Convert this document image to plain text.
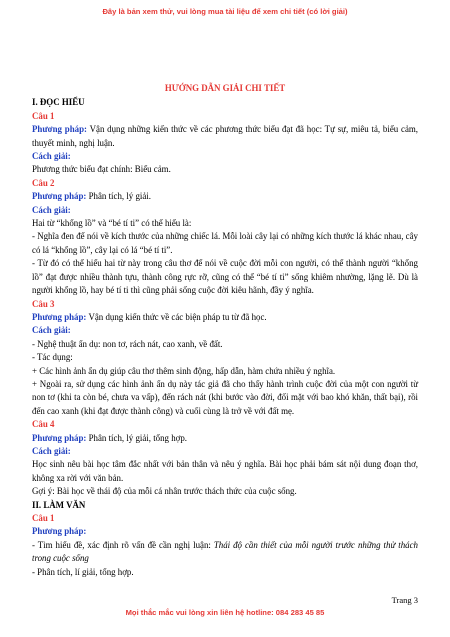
Đây là bản xem thử, vui lòng mua tài liệu để xem chi tiết (có lời giải)
HƯỚNG DẪN GIẢI CHI TIẾT
I. ĐỌC HIỂU
Câu 1

Phương pháp: Vận dụng những kiến thức về các phương thức biểu đạt đã học: Tự sự, miêu tả, biểu cảm, thuyết minh, nghị luận.

Cách giải:

Phương thức biểu đạt chính: Biểu cảm.

Câu 2

Phương pháp: Phân tích, lý giải.

Cách giải:

Hai từ “khổng lồ” và “bé tí ti” có thể hiểu là:

- Nghĩa đen để nói về kích thước của những chiếc lá. Mỗi loài cây lại có những kích thước lá khác nhau, cây có lá “khổng lồ”, cây lại có lá “bé tí ti”.

- Từ đó có thể hiểu hai từ này trong câu thơ để nói về cuộc đời mỗi con người, có thể thành người “khổng lồ” đạt được nhiều thành tựu, thành công rực rỡ, cũng có thể “bé tí ti” sống khiêm nhường, lặng lẽ. Dù là người khổng lồ, hay bé tí ti thì cũng phải sống cuộc đời kiêu hãnh, đầy ý nghĩa.

Câu 3

Phương pháp: Vận dụng kiến thức về các biện pháp tu từ đã học.

Cách giải:

- Nghệ thuật ẩn dụ: non tơ, rách nát, cao xanh, về đất.

- Tác dụng:

+ Các hình ảnh ẩn dụ giúp câu thơ thêm sinh động, hấp dẫn, hàm chứa nhiều ý nghĩa.

+ Ngoài ra, sử dụng các hình ảnh ẩn dụ này tác giả đã cho thấy hành trình cuộc đời của một con người từ non tơ (khi ta còn bé, chưa va vấp), đến rách nát (khi bước vào đời, đối mặt với bao khó khăn, thất bại), rồi đến cao xanh (khi đạt được thành công) và cuối cùng là trở về với đất mẹ.

Câu 4

Phương pháp: Phân tích, lý giải, tổng hợp.

Cách giải:

Học sinh nêu bài học tâm đắc nhất với bản thân và nêu ý nghĩa. Bài học phải bám sát nội dung đoạn thơ, không xa rời với văn bản.

Gợi ý: Bài học về thái độ của mỗi cá nhân trước thách thức của cuộc sống.

II. LÀM VĂN
Câu 1
Phương pháp:

- Tìm hiểu đề, xác định rõ vấn đề cần nghị luận: Thái độ cần thiết của mỗi người trước những thử thách trong cuộc sống

- Phân tích, lí giải, tổng hợp.

Trang 3
Mọi thắc mắc vui lòng xin liên hệ hotline: 084 283 45 85
